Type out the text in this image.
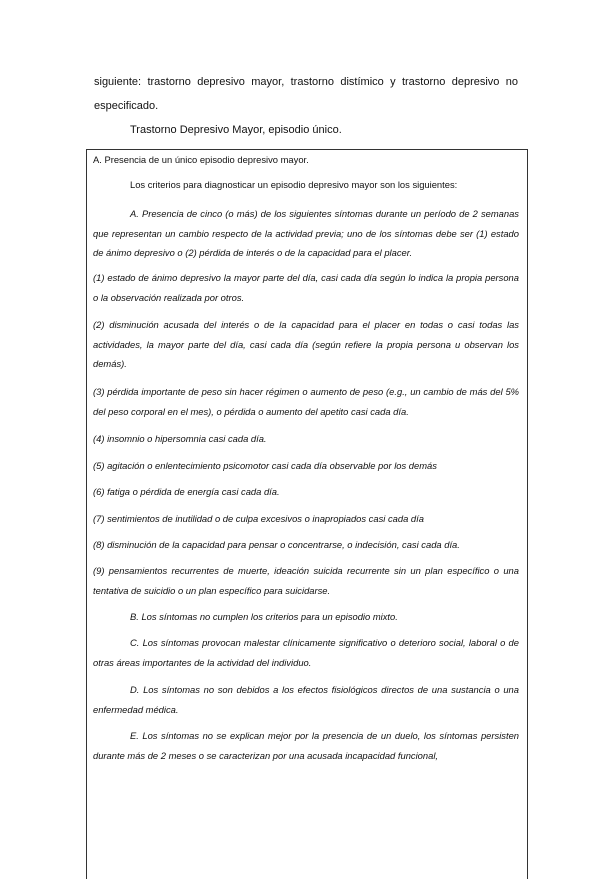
siguiente: trastorno depresivo mayor, trastorno distímico y trastorno depresivo no especificado.

Trastorno Depresivo Mayor, episodio único.
A. Presencia de un único episodio depresivo mayor.

Los criterios para diagnosticar un episodio depresivo mayor son los siguientes:

A. Presencia de cinco (o más) de los siguientes síntomas durante un período de 2 semanas que representan un cambio respecto de la actividad previa; uno de los síntomas debe ser (1) estado de ánimo depresivo o (2) pérdida de interés o de la capacidad para el placer.

(1) estado de ánimo depresivo la mayor parte del día, casi cada día según lo indica la propia persona o la observación realizada por otros.

(2) disminución acusada del interés o de la capacidad para el placer en todas o casi todas las actividades, la mayor parte del día, casi cada día (según refiere la propia persona u observan los demás).

(3) pérdida importante de peso sin hacer régimen o aumento de peso (e.g., un cambio de más del 5% del peso corporal en el mes), o pérdida o aumento del apetito casi cada día.

(4) insomnio o hipersomnia casi cada día.

(5) agitación o enlentecimiento psicomotor casi cada día observable por los demás

(6) fatiga o pérdida de energía casi cada día.

(7) sentimientos de inutilidad o de culpa excesivos o inapropiados casi cada día

(8) disminución de la capacidad para pensar o concentrarse, o indecisión, casi cada día.

(9) pensamientos recurrentes de muerte, ideación suicida recurrente sin un plan específico o una tentativa de suicidio o un plan específico para suicidarse.

B. Los síntomas no cumplen los criterios para un episodio mixto.

C. Los síntomas provocan malestar clínicamente significativo o deterioro social, laboral o de otras áreas importantes de la actividad del individuo.

D. Los síntomas no son debidos a los efectos fisiológicos directos de una sustancia o una enfermedad médica.

E. Los síntomas no se explican mejor por la presencia de un duelo, los síntomas persisten durante más de 2 meses o se caracterizan por una acusada incapacidad funcional,
